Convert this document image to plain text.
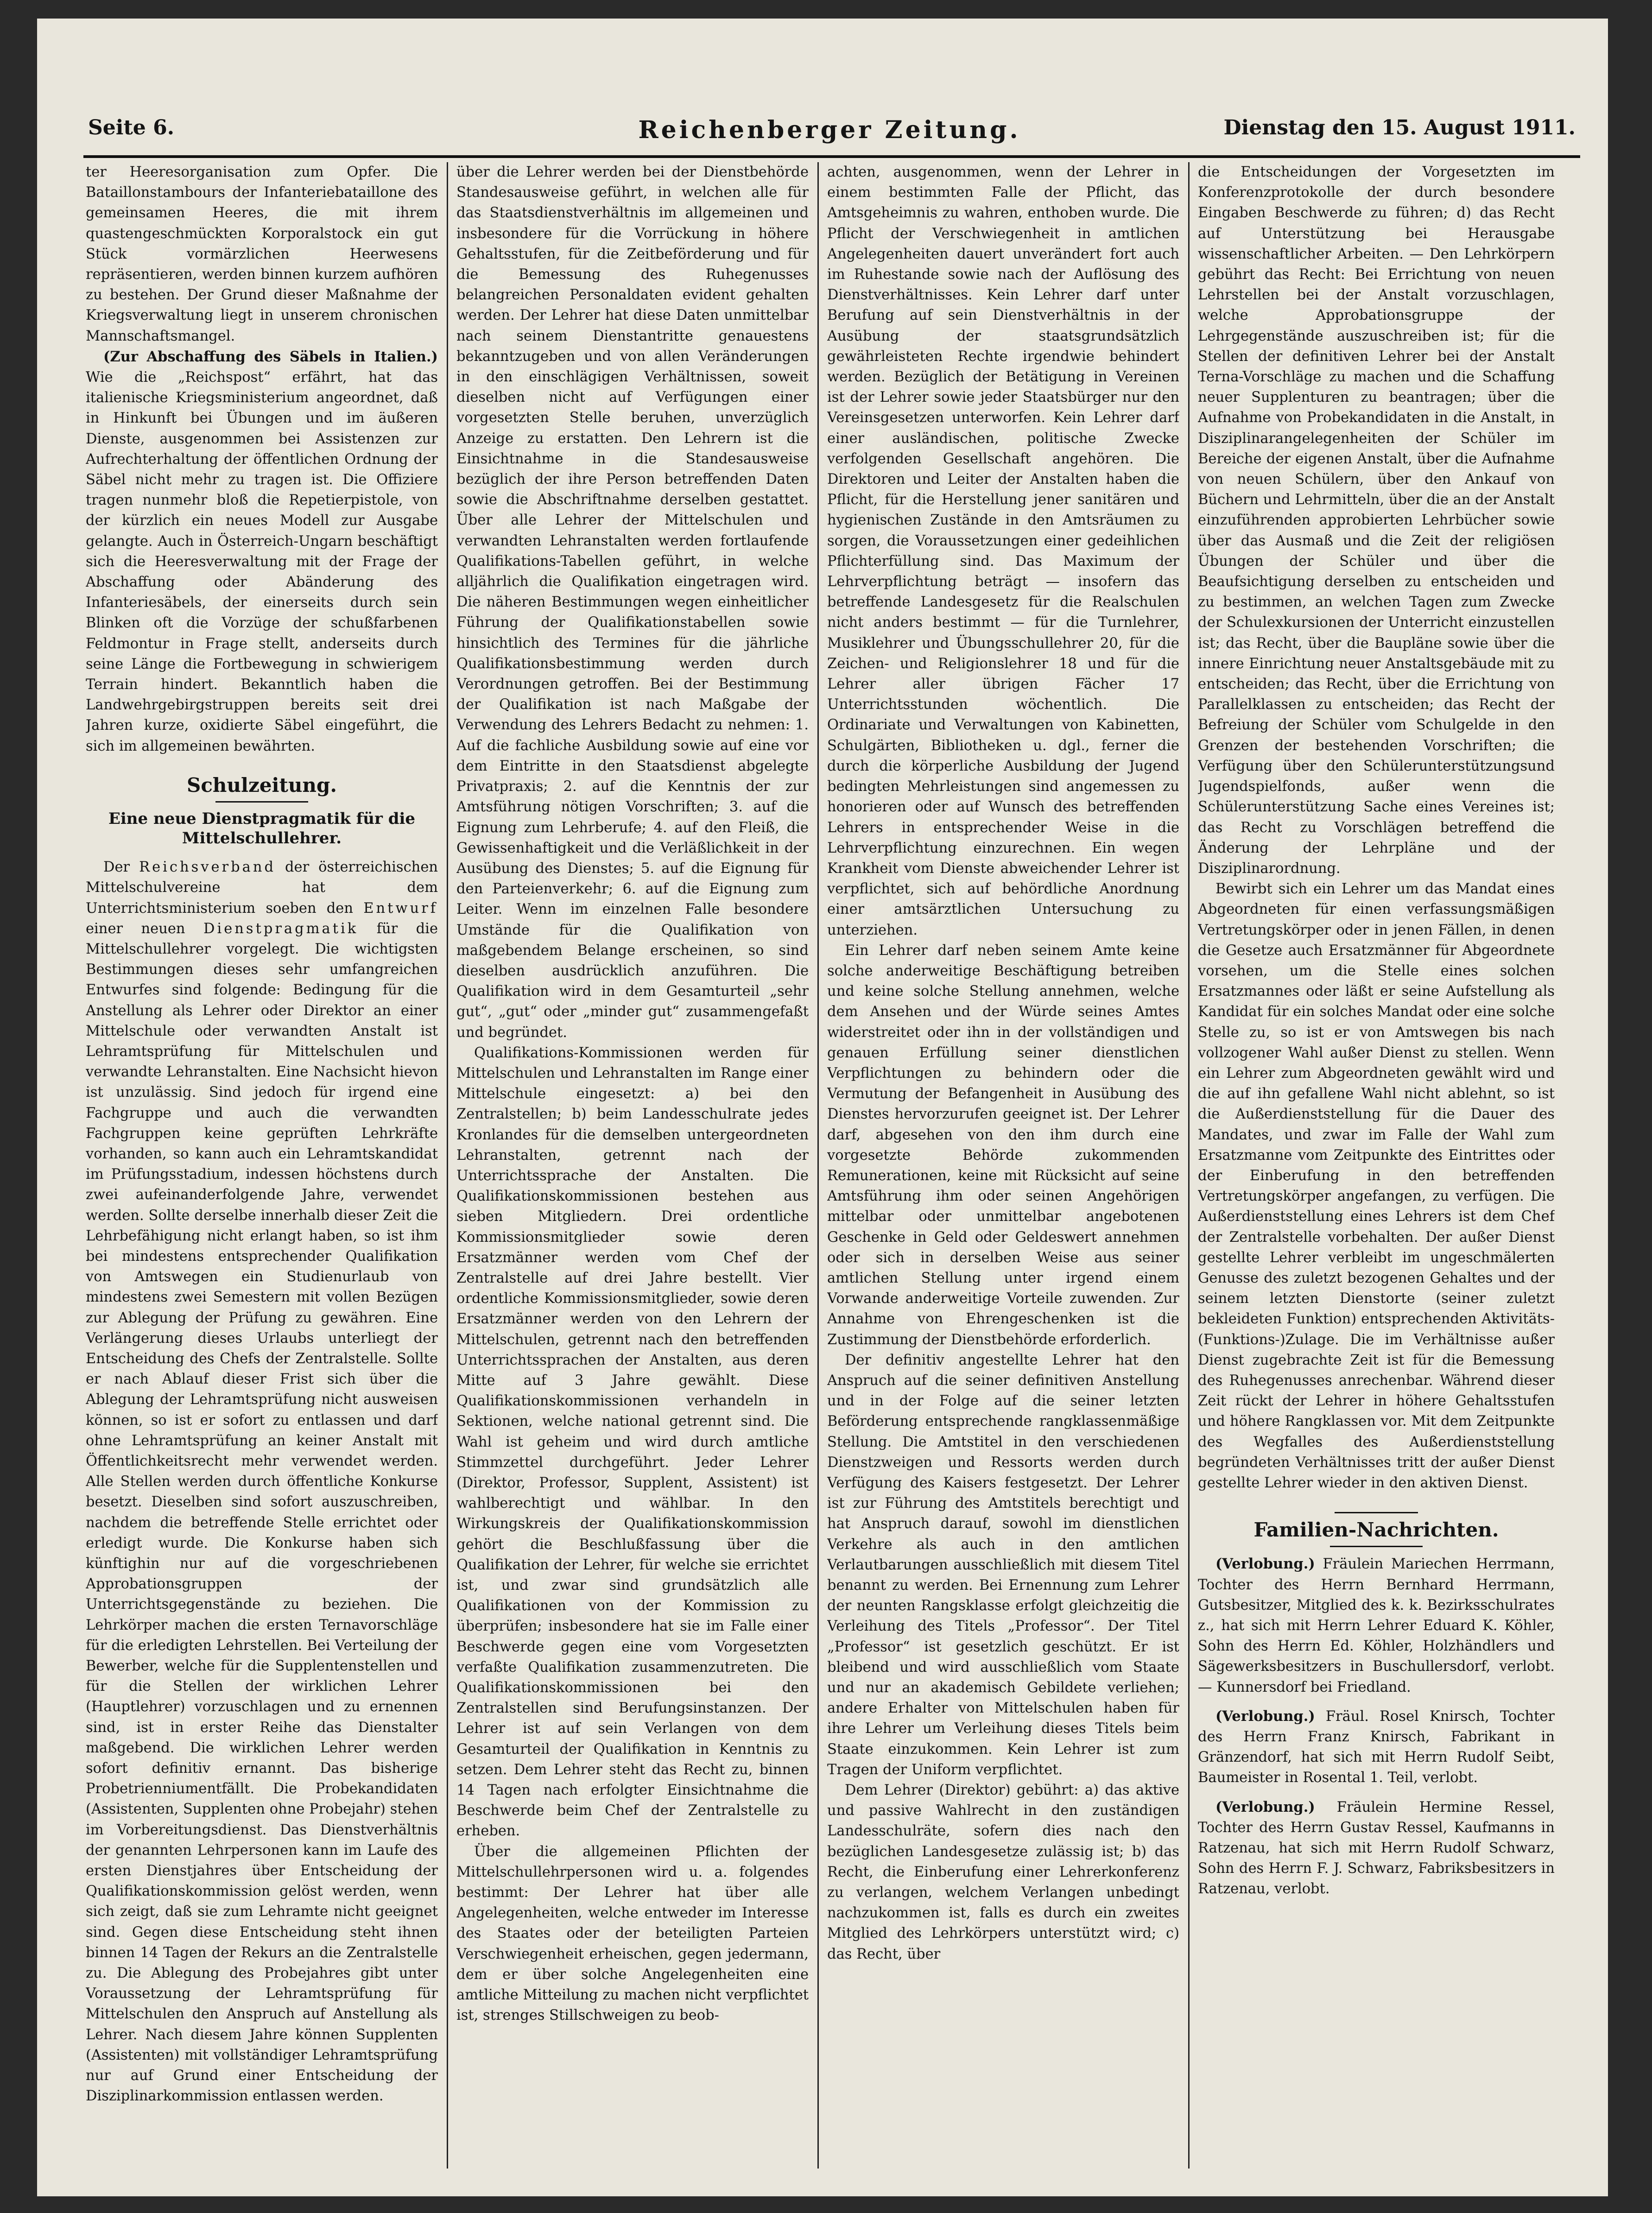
Seite 6.	Reichenberger Zeitung.	Dienstag den 15. August 1911.

ter Heeresorganisation zum Opfer. Die Bataillonstambours der Infanteriebataillone des gemeinsamen Heeres, die mit ihrem quastengeschmückten Korporalstock ein gut Stück vormärzlichen Heerwesens repräsentieren, werden binnen kurzem aufhören zu bestehen. Der Grund dieser Maßnahme der Kriegsverwaltung liegt in unserem chronischen Mannschaftsmangel.

(Zur Abschaffung des Säbels in Italien.) Wie die „Reichspost“ erfährt, hat das italienische Kriegsministerium angeordnet, daß in Hinkunft bei Übungen und im äußeren Dienste, ausgenommen bei Assistenzen zur Aufrechterhaltung der öffentlichen Ordnung der Säbel nicht mehr zu tragen ist. Die Offiziere tragen nunmehr bloß die Repetierpistole, von der kürzlich ein neues Modell zur Ausgabe gelangte. Auch in Österreich-Ungarn beschäftigt sich die Heeresverwaltung mit der Frage der Abschaffung oder Abänderung des Infanteriesäbels, der einerseits durch sein Blinken oft die Vorzüge der schußfarbenen Feldmontur in Frage stellt, anderseits durch seine Länge die Fortbewegung in schwierigem Terrain hindert. Bekanntlich haben die Landwehrgebirgstruppen bereits seit drei Jahren kurze, oxidierte Säbel eingeführt, die sich im allgemeinen bewährten.

Schulzeitung.
Eine neue Dienstpragmatik für die Mittelschullehrer.

Der Reichsverband der österreichischen Mittelschulvereine hat dem Unterrichtsministerium soeben den Entwurf einer neuen Dienstpragmatik für die Mittelschullehrer vorgelegt. Die wichtigsten Bestimmungen dieses sehr umfangreichen Entwurfes sind folgende: Bedingung für die Anstellung als Lehrer oder Direktor an einer Mittelschule oder verwandten Anstalt ist Lehramtsprüfung für Mittelschulen und verwandte Lehranstalten. Eine Nachsicht hievon ist unzulässig. Sind jedoch für irgend eine Fachgruppe und auch die verwandten Fachgruppen keine geprüften Lehrkräfte vorhanden, so kann auch ein Lehramtskandidat im Prüfungsstadium, indessen höchstens durch zwei aufeinanderfolgende Jahre, verwendet werden. Sollte derselbe innerhalb dieser Zeit die Lehrbefähigung nicht erlangt haben, so ist ihm bei mindestens entsprechender Qualifikation von Amtswegen ein Studienurlaub von mindestens zwei Semestern mit vollen Bezügen zur Ablegung der Prüfung zu gewähren. Eine Verlängerung dieses Urlaubs unterliegt der Entscheidung des Chefs der Zentralstelle. Sollte er nach Ablauf dieser Frist sich über die Ablegung der Lehramtsprüfung nicht ausweisen können, so ist er sofort zu entlassen und darf ohne Lehramtsprüfung an keiner Anstalt mit Öffentlichkeitsrecht mehr verwendet werden. Alle Stellen werden durch öffentliche Konkurse besetzt. Dieselben sind sofort auszuschreiben, nachdem die betreffende Stelle errichtet oder erledigt wurde. Die Konkurse haben sich künftighin nur auf die vorgeschriebenen Approbationsgruppen der Unterrichtsgegenstände zu beziehen. Die Lehrkörper machen die ersten Ternavorschläge für die erledigten Lehrstellen. Bei Verteilung der Bewerber, welche für die Supplentenstellen und für die Stellen der wirklichen Lehrer (Hauptlehrer) vorzuschlagen und zu ernennen sind, ist in erster Reihe das Dienstalter maßgebend. Die wirklichen Lehrer werden sofort definitiv ernannt. Das bisherige Probetrienniumentfällt. Die Probekandidaten (Assistenten, Supplenten ohne Probejahr) stehen im Vorbereitungsdienst. Das Dienstverhältnis der genannten Lehrpersonen kann im Laufe des ersten Dienstjahres über Entscheidung der Qualifikationskommission gelöst werden, wenn sich zeigt, daß sie zum Lehramte nicht geeignet sind. Gegen diese Entscheidung steht ihnen binnen 14 Tagen der Rekurs an die Zentralstelle zu. Die Ablegung des Probejahres gibt unter Voraussetzung der Lehramtsprüfung für Mittelschulen den Anspruch auf Anstellung als Lehrer. Nach diesem Jahre können Supplenten (Assistenten) mit vollständiger Lehramtsprüfung nur auf Grund einer Entscheidung der Disziplinarkommission entlassen werden.

über die Lehrer werden bei der Dienstbehörde Standesausweise geführt, in welchen alle für das Staatsdienstverhältnis im allgemeinen und insbesondere für die Vorrückung in höhere Gehaltsstufen, für die Zeitbeförderung und für die Bemessung des Ruhegenusses belangreichen Personaldaten evident gehalten werden. Der Lehrer hat diese Daten unmittelbar nach seinem Dienstantritte genauestens bekanntzugeben und von allen Veränderungen in den einschlägigen Verhältnissen, soweit dieselben nicht auf Verfügungen einer vorgesetzten Stelle beruhen, unverzüglich Anzeige zu erstatten. Den Lehrern ist die Einsichtnahme in die Standesausweise bezüglich der ihre Person betreffenden Daten sowie die Abschriftnahme derselben gestattet. Über alle Lehrer der Mittelschulen und verwandten Lehranstalten werden fortlaufende Qualifikations-Tabellen geführt, in welche alljährlich die Qualifikation eingetragen wird. Die näheren Bestimmungen wegen einheitlicher Führung der Qualifikationstabellen sowie hinsichtlich des Termines für die jährliche Qualifikationsbestimmung werden durch Verordnungen getroffen. Bei der Bestimmung der Qualifikation ist nach Maßgabe der Verwendung des Lehrers Bedacht zu nehmen: 1. Auf die fachliche Ausbildung sowie auf eine vor dem Eintritte in den Staatsdienst abgelegte Privatpraxis; 2. auf die Kenntnis der zur Amtsführung nötigen Vorschriften; 3. auf die Eignung zum Lehrberufe; 4. auf den Fleiß, die Gewissenhaftigkeit und die Verläßlichkeit in der Ausübung des Dienstes; 5. auf die Eignung für den Parteienverkehr; 6. auf die Eignung zum Leiter. Wenn im einzelnen Falle besondere Umstände für die Qualifikation von maßgebendem Belange erscheinen, so sind dieselben ausdrücklich anzuführen. Die Qualifikation wird in dem Gesamturteil „sehr gut“, „gut“ oder „minder gut“ zusammengefaßt und begründet.

Qualifikations-Kommissionen werden für Mittelschulen und Lehranstalten im Range einer Mittelschule eingesetzt: a) bei den Zentralstellen; b) beim Landesschulrate jedes Kronlandes für die demselben untergeordneten Lehranstalten, getrennt nach der Unterrichtssprache der Anstalten. Die Qualifikationskommissionen bestehen aus sieben Mitgliedern. Drei ordentliche Kommissionsmitglieder sowie deren Ersatzmänner werden vom Chef der Zentralstelle auf drei Jahre bestellt. Vier ordentliche Kommissionsmitglieder, sowie deren Ersatzmänner werden von den Lehrern der Mittelschulen, getrennt nach den betreffenden Unterrichtssprachen der Anstalten, aus deren Mitte auf 3 Jahre gewählt. Diese Qualifikationskommissionen verhandeln in Sektionen, welche national getrennt sind. Die Wahl ist geheim und wird durch amtliche Stimmzettel durchgeführt. Jeder Lehrer (Direktor, Professor, Supplent, Assistent) ist wahlberechtigt und wählbar. In den Wirkungskreis der Qualifikationskommission gehört die Beschlußfassung über die Qualifikation der Lehrer, für welche sie errichtet ist, und zwar sind grundsätzlich alle Qualifikationen von der Kommission zu überprüfen; insbesondere hat sie im Falle einer Beschwerde gegen eine vom Vorgesetzten verfaßte Qualifikation zusammenzutreten. Die Qualifikationskommissionen bei den Zentralstellen sind Berufungsinstanzen. Der Lehrer ist auf sein Verlangen von dem Gesamturteil der Qualifikation in Kenntnis zu setzen. Dem Lehrer steht das Recht zu, binnen 14 Tagen nach erfolgter Einsichtnahme die Beschwerde beim Chef der Zentralstelle zu erheben.

Über die allgemeinen Pflichten der Mittelschullehrpersonen wird u. a. folgendes bestimmt: Der Lehrer hat über alle Angelegenheiten, welche entweder im Interesse des Staates oder der beteiligten Parteien Verschwiegenheit erheischen, gegen jedermann, dem er über solche Angelegenheiten eine amtliche Mitteilung zu machen nicht verpflichtet ist, strenges Stillschweigen zu beob-

achten, ausgenommen, wenn der Lehrer in einem bestimmten Falle der Pflicht, das Amtsgeheimnis zu wahren, enthoben wurde. Die Pflicht der Verschwiegenheit in amtlichen Angelegenheiten dauert unverändert fort auch im Ruhestande sowie nach der Auflösung des Dienstverhältnisses. Kein Lehrer darf unter Berufung auf sein Dienstverhältnis in der Ausübung der staatsgrundsätzlich gewährleisteten Rechte irgendwie behindert werden. Bezüglich der Betätigung in Vereinen ist der Lehrer sowie jeder Staatsbürger nur den Vereinsgesetzen unterworfen. Kein Lehrer darf einer ausländischen, politische Zwecke verfolgenden Gesellschaft angehören. Die Direktoren und Leiter der Anstalten haben die Pflicht, für die Herstellung jener sanitären und hygienischen Zustände in den Amtsräumen zu sorgen, die Voraussetzungen einer gedeihlichen Pflichterfüllung sind. Das Maximum der Lehrverpflichtung beträgt — insofern das betreffende Landesgesetz für die Realschulen nicht anders bestimmt — für die Turnlehrer, Musiklehrer und Übungsschullehrer 20, für die Zeichen- und Religionslehrer 18 und für die Lehrer aller übrigen Fächer 17 Unterrichtsstunden wöchentlich. Die Ordinariate und Verwaltungen von Kabinetten, Schulgärten, Bibliotheken u. dgl., ferner die durch die körperliche Ausbildung der Jugend bedingten Mehrleistungen sind angemessen zu honorieren oder auf Wunsch des betreffenden Lehrers in entsprechender Weise in die Lehrverpflichtung einzurechnen. Ein wegen Krankheit vom Dienste abweichender Lehrer ist verpflichtet, sich auf behördliche Anordnung einer amtsärztlichen Untersuchung zu unterziehen.

Ein Lehrer darf neben seinem Amte keine solche anderweitige Beschäftigung betreiben und keine solche Stellung annehmen, welche dem Ansehen und der Würde seines Amtes widerstreitet oder ihn in der vollständigen und genauen Erfüllung seiner dienstlichen Verpflichtungen zu behindern oder die Vermutung der Befangenheit in Ausübung des Dienstes hervorzurufen geeignet ist. Der Lehrer darf, abgesehen von den ihm durch eine vorgesetzte Behörde zukommenden Remunerationen, keine mit Rücksicht auf seine Amtsführung ihm oder seinen Angehörigen mittelbar oder unmittelbar angebotenen Geschenke in Geld oder Geldeswert annehmen oder sich in derselben Weise aus seiner amtlichen Stellung unter irgend einem Vorwande anderweitige Vorteile zuwenden. Zur Annahme von Ehrengeschenken ist die Zustimmung der Dienstbehörde erforderlich.

Der definitiv angestellte Lehrer hat den Anspruch auf die seiner definitiven Anstellung und in der Folge auf die seiner letzten Beförderung entsprechende rangklassenmäßige Stellung. Die Amtstitel in den verschiedenen Dienstzweigen und Ressorts werden durch Verfügung des Kaisers festgesetzt. Der Lehrer ist zur Führung des Amtstitels berechtigt und hat Anspruch darauf, sowohl im dienstlichen Verkehre als auch in den amtlichen Verlautbarungen ausschließlich mit diesem Titel benannt zu werden. Bei Ernennung zum Lehrer der neunten Rangsklasse erfolgt gleichzeitig die Verleihung des Titels „Professor“. Der Titel „Professor“ ist gesetzlich geschützt. Er ist bleibend und wird ausschließlich vom Staate und nur an akademisch Gebildete verliehen; andere Erhalter von Mittelschulen haben für ihre Lehrer um Verleihung dieses Titels beim Staate einzukommen. Kein Lehrer ist zum Tragen der Uniform verpflichtet.

Dem Lehrer (Direktor) gebührt: a) das aktive und passive Wahlrecht in den zuständigen Landesschulräte, sofern dies nach den bezüglichen Landesgesetze zulässig ist; b) das Recht, die Einberufung einer Lehrerkonferenz zu verlangen, welchem Verlangen unbedingt nachzukommen ist, falls es durch ein zweites Mitglied des Lehrkörpers unterstützt wird; c) das Recht, über

die Entscheidungen der Vorgesetzten im Konferenzprotokolle der durch besondere Eingaben Beschwerde zu führen; d) das Recht auf Unterstützung bei Herausgabe wissenschaftlicher Arbeiten. — Den Lehrkörpern gebührt das Recht: Bei Errichtung von neuen Lehrstellen bei der Anstalt vorzuschlagen, welche Approbationsgruppe der Lehrgegenstände auszuschreiben ist; für die Stellen der definitiven Lehrer bei der Anstalt Terna-Vorschläge zu machen und die Schaffung neuer Supplenturen zu beantragen; über die Aufnahme von Probekandidaten in die Anstalt, in Disziplinarangelegenheiten der Schüler im Bereiche der eigenen Anstalt, über die Aufnahme von neuen Schülern, über den Ankauf von Büchern und Lehrmitteln, über die an der Anstalt einzuführenden approbierten Lehrbücher sowie über das Ausmaß und die Zeit der religiösen Übungen der Schüler und über die Beaufsichtigung derselben zu entscheiden und zu bestimmen, an welchen Tagen zum Zwecke der Schulexkursionen der Unterricht einzustellen ist; das Recht, über die Baupläne sowie über die innere Einrichtung neuer Anstaltsgebäude mit zu entscheiden; das Recht, über die Errichtung von Parallelklassen zu entscheiden; das Recht der Befreiung der Schüler vom Schulgelde in den Grenzen der bestehenden Vorschriften; die Verfügung über den Schülerunterstützungsund Jugendspielfonds, außer wenn die Schülerunterstützung Sache eines Vereines ist; das Recht zu Vorschlägen betreffend die Änderung der Lehrpläne und der Disziplinarordnung.

Bewirbt sich ein Lehrer um das Mandat eines Abgeordneten für einen verfassungsmäßigen Vertretungskörper oder in jenen Fällen, in denen die Gesetze auch Ersatzmänner für Abgeordnete vorsehen, um die Stelle eines solchen Ersatzmannes oder läßt er seine Aufstellung als Kandidat für ein solches Mandat oder eine solche Stelle zu, so ist er von Amtswegen bis nach vollzogener Wahl außer Dienst zu stellen. Wenn ein Lehrer zum Abgeordneten gewählt wird und die auf ihn gefallene Wahl nicht ablehnt, so ist die Außerdienststellung für die Dauer des Mandates, und zwar im Falle der Wahl zum Ersatzmanne vom Zeitpunkte des Eintrittes oder der Einberufung in den betreffenden Vertretungskörper angefangen, zu verfügen. Die Außerdienststellung eines Lehrers ist dem Chef der Zentralstelle vorbehalten. Der außer Dienst gestellte Lehrer verbleibt im ungeschmälerten Genusse des zuletzt bezogenen Gehaltes und der seinem letzten Dienstorte (seiner zuletzt bekleideten Funktion) entsprechenden Aktivitäts-(Funktions-)Zulage. Die im Verhältnisse außer Dienst zugebrachte Zeit ist für die Bemessung des Ruhegenusses anrechenbar. Während dieser Zeit rückt der Lehrer in höhere Gehaltsstufen und höhere Rangklassen vor. Mit dem Zeitpunkte des Wegfalles des Außerdienststellung begründeten Verhältnisses tritt der außer Dienst gestellte Lehrer wieder in den aktiven Dienst.

Familien-Nachrichten.

(Verlobung.) Fräulein Mariechen Herrmann, Tochter des Herrn Bernhard Herrmann, Gutsbesitzer, Mitglied des k. k. Bezirksschulrates z., hat sich mit Herrn Lehrer Eduard K. Köhler, Sohn des Herrn Ed. Köhler, Holzhändlers und Sägewerksbesitzers in Buschullersdorf, verlobt. — Kunnersdorf bei Friedland.

(Verlobung.) Fräul. Rosel Knirsch, Tochter des Herrn Franz Knirsch, Fabrikant in Gränzendorf, hat sich mit Herrn Rudolf Seibt, Baumeister in Rosental 1. Teil, verlobt.

(Verlobung.) Fräulein Hermine Ressel, Tochter des Herrn Gustav Ressel, Kaufmanns in Ratzenau, hat sich mit Herrn Rudolf Schwarz, Sohn des Herrn F. J. Schwarz, Fabriksbesitzers in Ratzenau, verlobt.
